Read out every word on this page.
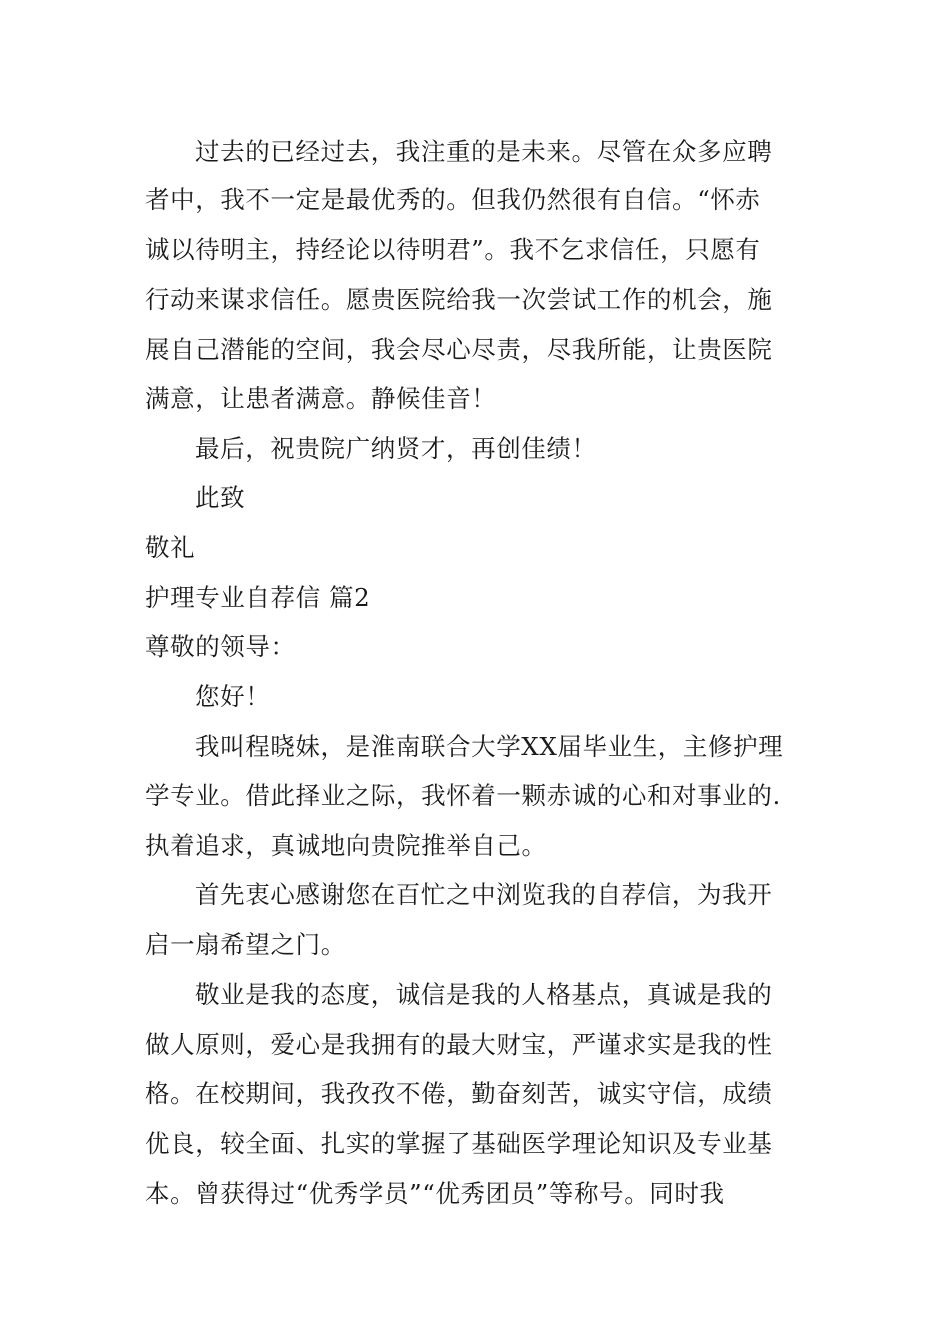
过去的已经过去，我注重的是未来。尽管在众多应聘
者中，我不一定是最优秀的。但我仍然很有自信。“怀赤
诚以待明主，持经论以待明君”。我不乞求信任，只愿有
行动来谋求信任。愿贵医院给我一次尝试工作的机会，施
展自己潜能的空间，我会尽心尽责，尽我所能，让贵医院
满意，让患者满意。静候佳音！
最后，祝贵院广纳贤才，再创佳绩！
此致
敬礼
护理专业自荐信 篇2
尊敬的领导：
您好！
我叫程晓妹，是淮南联合大学XX届毕业生，主修护理
学专业。借此择业之际，我怀着一颗赤诚的心和对事业的.
执着追求，真诚地向贵院推举自己。
首先衷心感谢您在百忙之中浏览我的自荐信，为我开
启一扇希望之门。
敬业是我的态度，诚信是我的人格基点，真诚是我的
做人原则，爱心是我拥有的最大财宝，严谨求实是我的性
格。在校期间，我孜孜不倦，勤奋刻苦，诚实守信，成绩
优良，较全面、扎实的掌握了基础医学理论知识及专业基
本。曾获得过“优秀学员”“优秀团员”等称号。同时我
